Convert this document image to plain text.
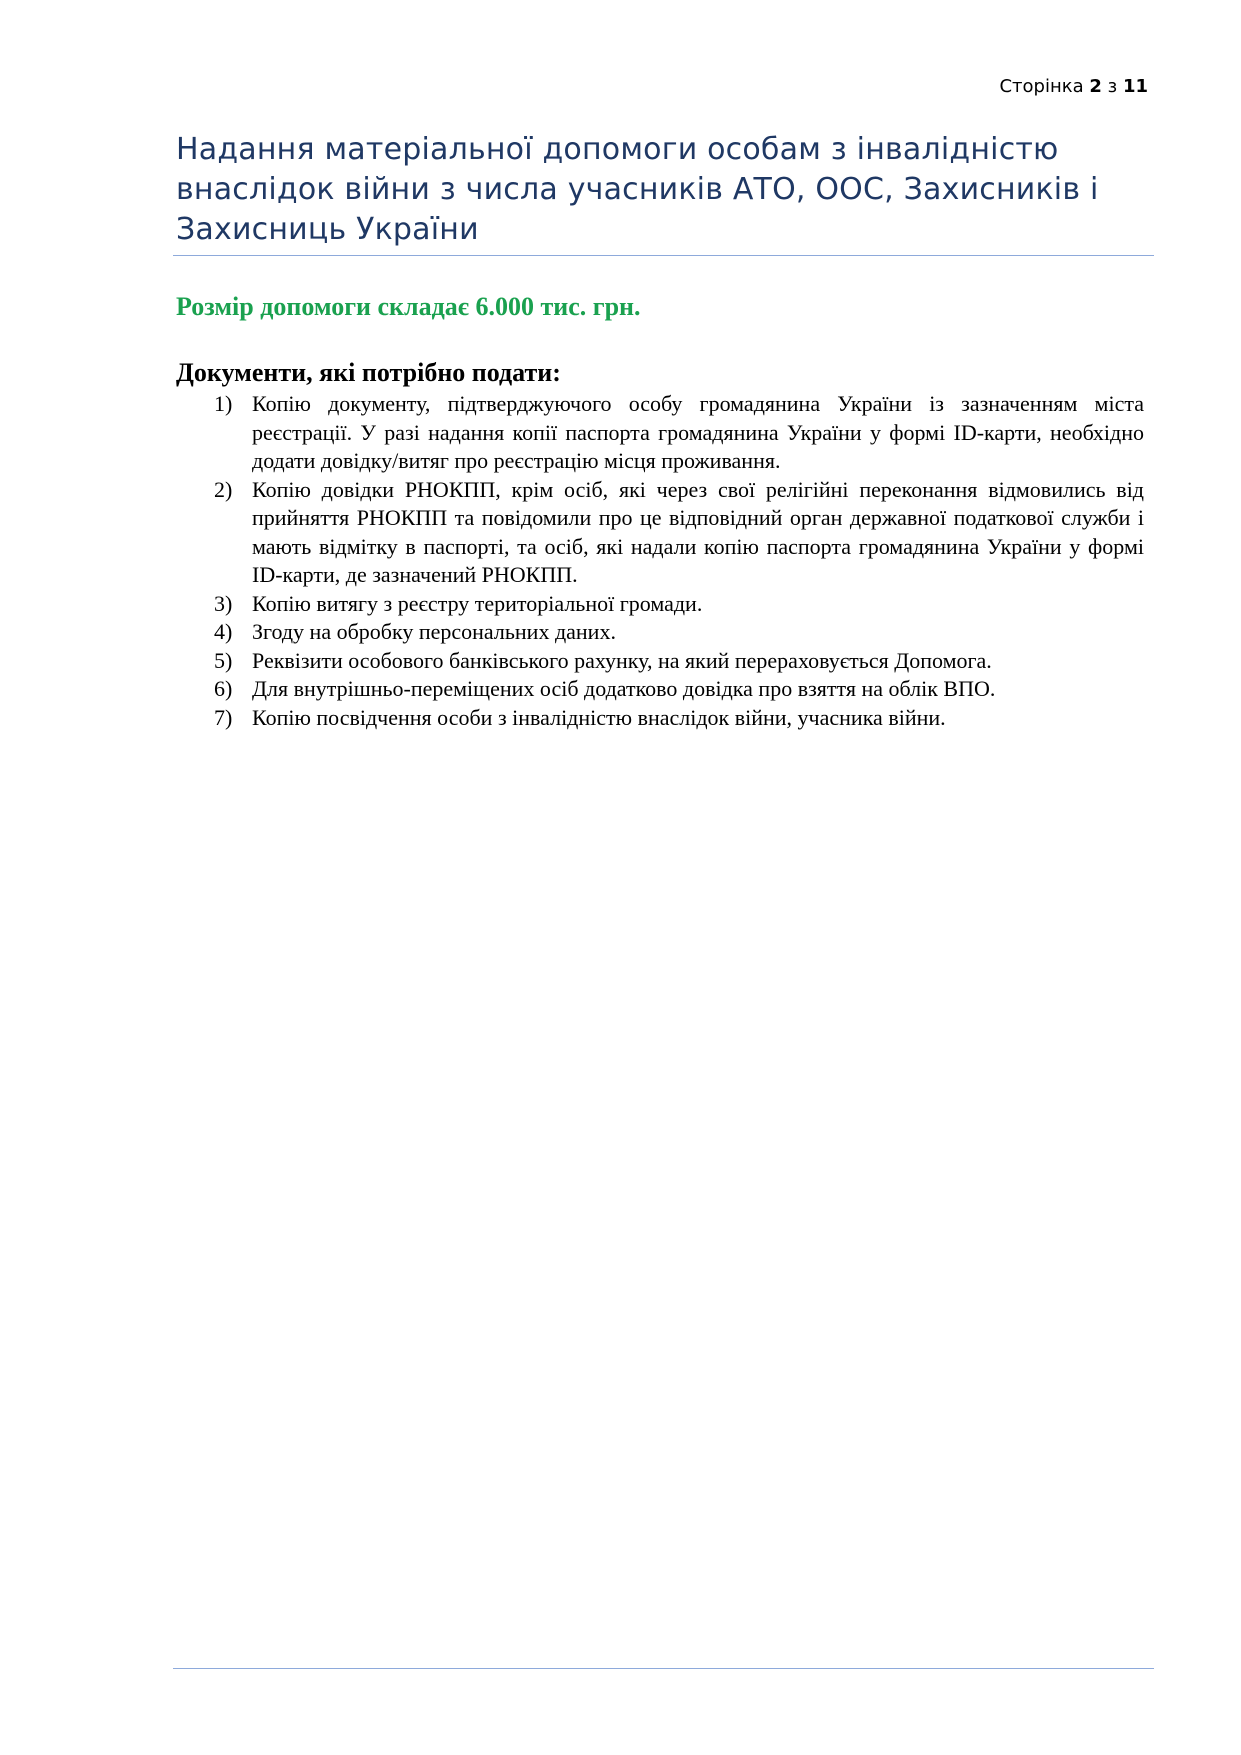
Сторінка 2 з 11
Надання матеріальної допомоги особам з інвалідністю внаслідок війни з числа учасників АТО, ООС, Захисників і Захисниць України

Розмір допомоги складає 6.000 тис. грн.

Документи, які потрібно подати:
1) Копію документу, підтверджуючого особу громадянина України із зазначенням міста реєстрації. У разі надання копії паспорта громадянина України у формі ID-карти, необхідно додати довідку/витяг про реєстрацію місця проживання.
2) Копію довідки РНОКПП, крім осіб, які через свої релігійні переконання відмовились від прийняття РНОКПП та повідомили про це відповідний орган державної податкової служби і мають відмітку в паспорті, та осіб, які надали копію паспорта громадянина України у формі ID-карти, де зазначений РНОКПП.
3) Копію витягу з реєстру територіальної громади.
4) Згоду на обробку персональних даних.
5) Реквізити особового банківського рахунку, на який перераховується Допомога.
6) Для внутрішньо-переміщених осіб додатково довідка про взяття на облік ВПО.
7) Копію посвідчення особи з інвалідністю внаслідок війни, учасника війни.
